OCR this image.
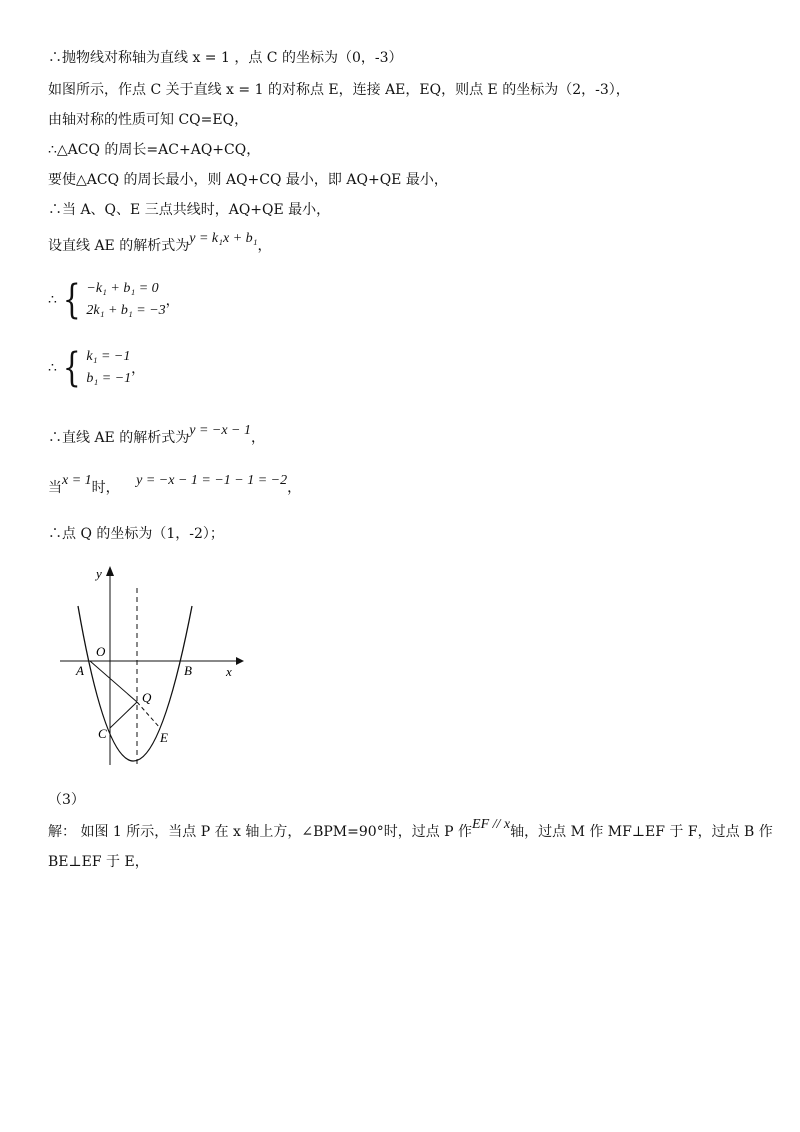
∴抛物线对称轴为直线 x = 1 ，点 C 的坐标为（0，-3）
如图所示，作点 C 关于直线 x = 1 的对称点 E，连接 AE，EQ，则点 E 的坐标为（2，-3），
由轴对称的性质可知 CQ=EQ，
∴△ACQ 的周长=AC+AQ+CQ，
要使△ACQ 的周长最小，则 AQ+CQ 最小，即 AQ+QE 最小，
∴当 A、Q、E 三点共线时，AQ+QE 最小，
设直线 AE 的解析式为y = k₁x + b₁，
∴ { −k₁ + b₁ = 0
2k₁ + b₁ = −3
，
∴ { k₁ = −1
b₁ = −1
，
∴直线 AE 的解析式为y = −x − 1，
当x = 1时， y = −x − 1 = −1 − 1 = −2，
∴点 Q 的坐标为（1，-2）；
y
x
O
A	B
Q
C	E
（3）
解： 如图 1 所示，当点 P 在 x 轴上方，∠BPM=90°时，过点 P 作EF // x轴，过点 M 作 MF⊥EF 于 F，过点 B 作
BE⊥EF 于 E，
